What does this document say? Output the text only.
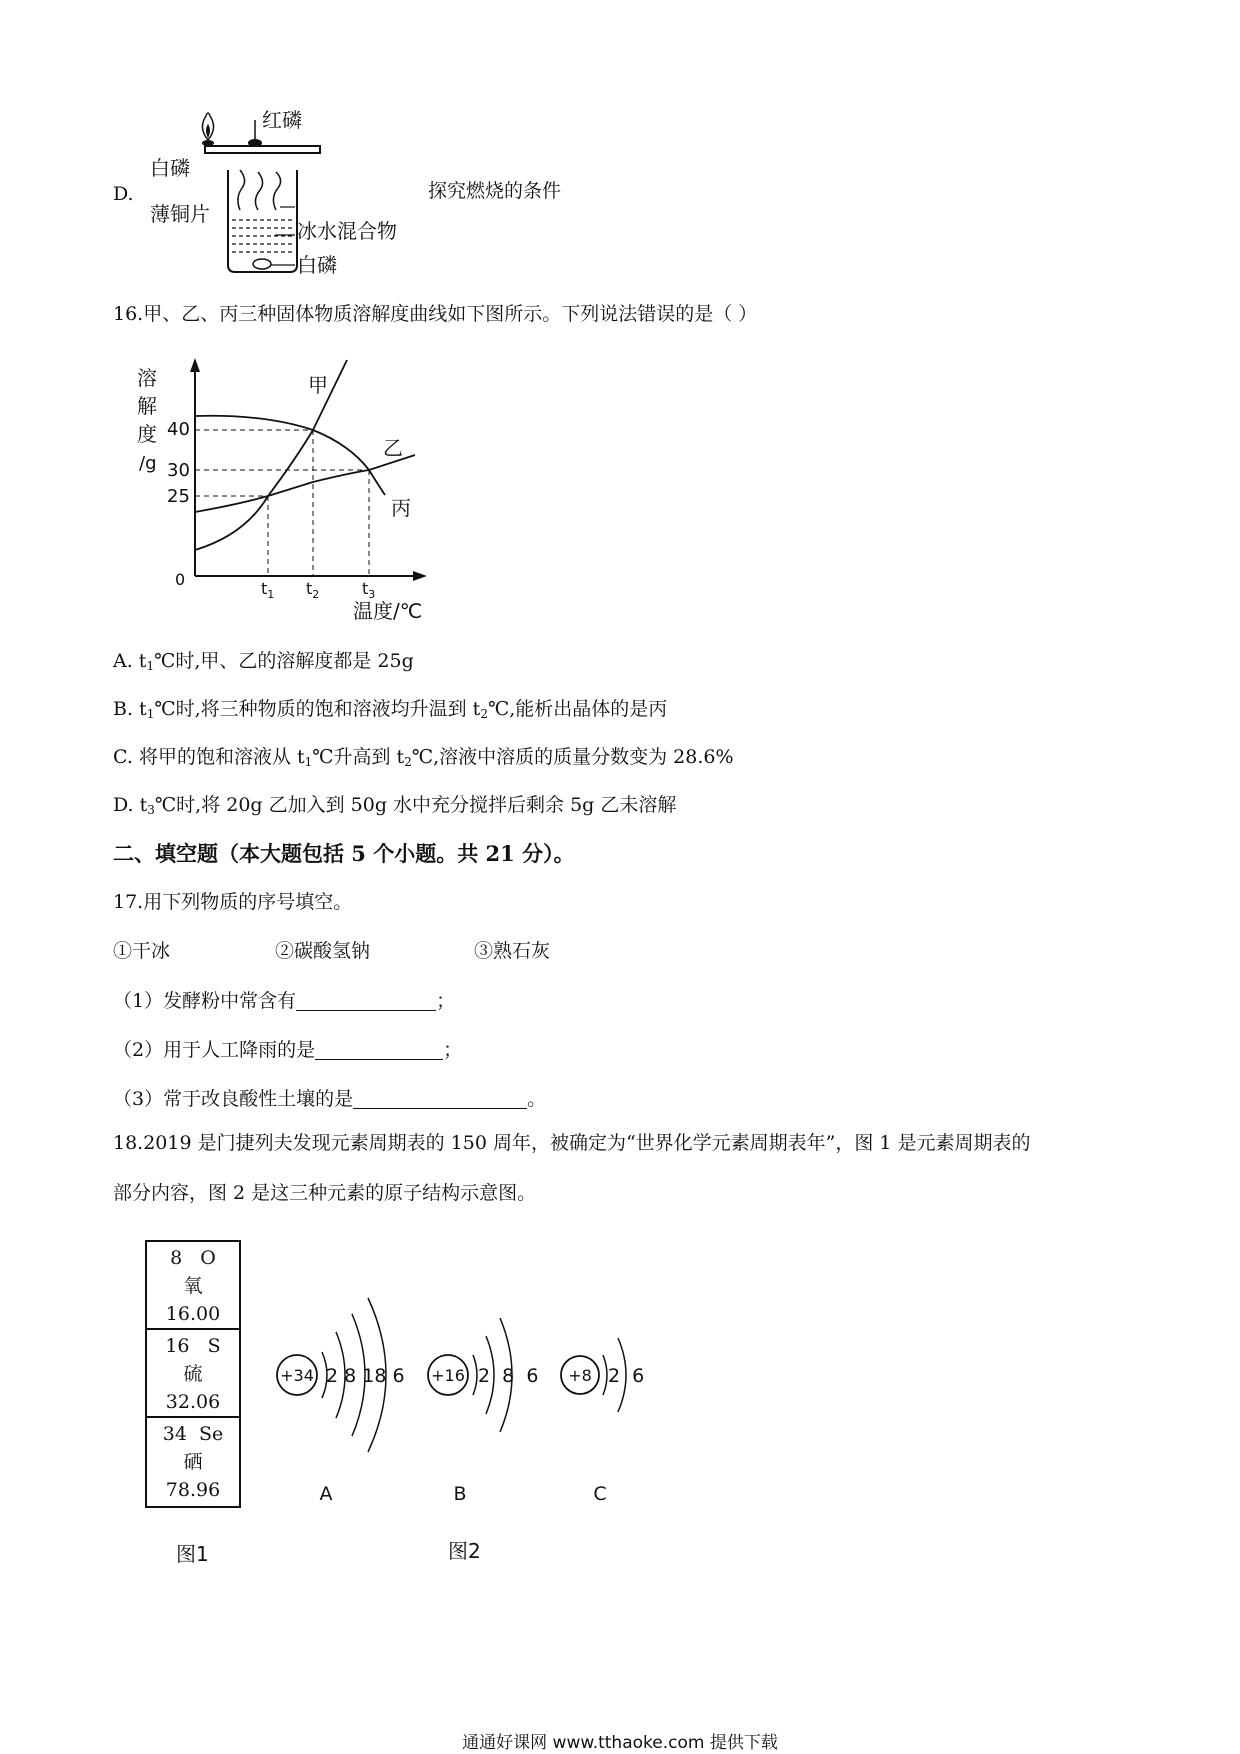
D.
红磷
白磷
薄铜片
冰水混合物
白磷
探究燃烧的条件
16.甲、乙、丙三种固体物质溶解度曲线如下图所示。下列说法错误的是（ ）
40
30
25
0	$t_1$ $t_2$	$t_3$
溶
解
度
/g
温度/℃
甲
乙
丙
A. $t_1℃$时,甲、乙的溶解度都是 25g
B. $t_1℃$时,将三种物质的饱和溶液均升温到 $t_2℃$,能析出晶体的是丙
C. 将甲的饱和溶液从 $t_1℃$升高到 $t_2℃$,溶液中溶质的质量分数变为 28.6%
D. $t_3℃$时,将 20g 乙加入到 50g 水中充分搅拌后剩余 5g 乙未溶解
二、填空题（本大题包括 5 个小题。共 21 分）。
17.用下列物质的序号填空。
①干冰	②碳酸氢钠	③熟石灰
（1）发酵粉中常含有	；
（2）用于人工降雨的是	；
（3）常于改良酸性土壤的是	。
18.2019 是门捷列夫发现元素周期表的 150 周年，被确定为“世界化学元素周期表年”，图 1 是元素周期表的
部分内容，图 2 是这三种元素的原子结构示意图。
8   O
氧
16.00
16   S
硫
32.06
34  Se
硒
78.96
+34 2 8 18 6 +16 2  8  6 +8 2  6
A	B	C
图1	图2
通通好课网 www.tthaoke.com 提供下载
